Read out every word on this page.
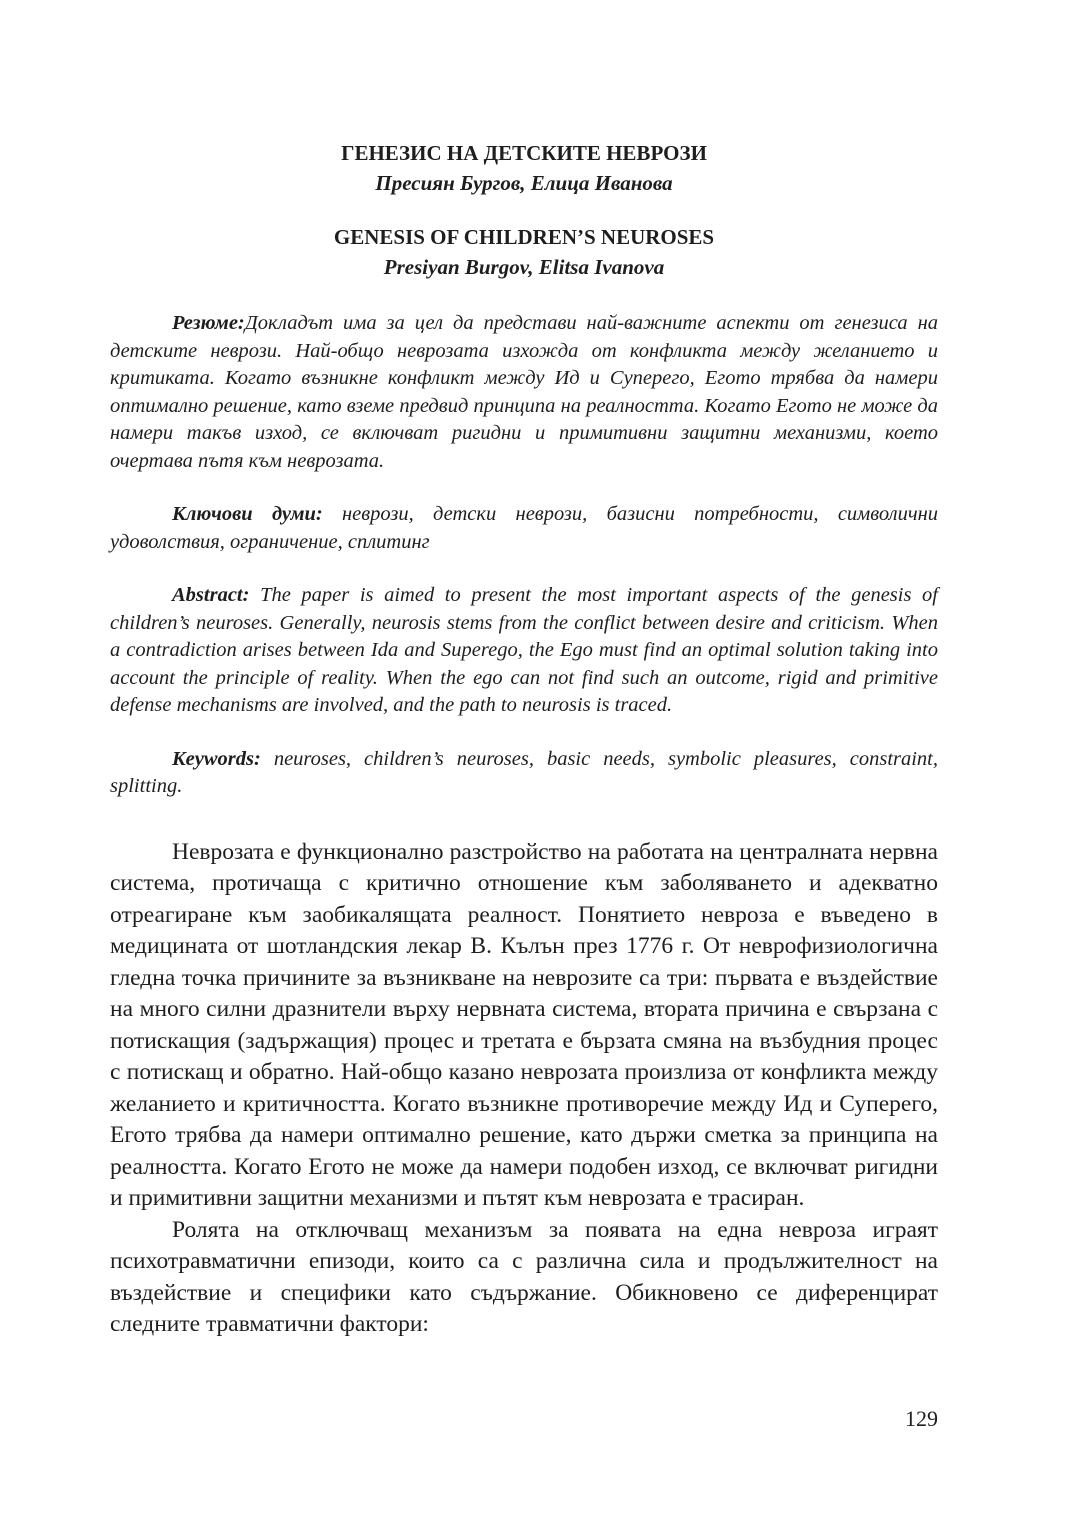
ГЕНЕЗИС НА ДЕТСКИТЕ НЕВРОЗИ

Пресиян Бургов, Елица Иванова

GENESIS OF CHILDREN’S NEUROSES

Presiyan Burgov, Elitsa Ivanova

Резюме:Докладът има за цел да представи най-важните аспекти от генезиса на детските неврози. Най-общо неврозата изхожда от конфликта между желанието и критиката. Когато възникне конфликт между Ид и Суперего, Егото трябва да намери оптимално решение, като вземе предвид принципа на реалността. Когато Егото не може да намери такъв изход, се включват ригидни и примитивни защитни механизми, което очертава пътя към неврозата.

Ключови думи: неврози, детски неврози, базисни потребности, символични удоволствия, ограничение, сплитинг

Abstract: The paper is aimed to present the most important aspects of the genesis of children’s neuroses. Generally, neurosis stems from the conflict between desire and criticism. When a contradiction arises between Ida and Superego, the Ego must find an optimal solution taking into account the principle of reality. When the ego can not find such an outcome, rigid and primitive defense mechanisms are involved, and the path to neurosis is traced.

Keywords: neuroses, children’s neuroses, basic needs, symbolic pleasures, constraint, splitting.

Неврозата е функционално разстройство на работата на централната нервна система, протичаща с критично отношение към заболяването и адекватно отреагиране към заобикалящата реалност. Понятието невроза е въведено в медицината от шотландския лекар В. Кълън през 1776 г. От неврофизиологична гледна точка причините за възникване на неврозите са три: първата е въздействие на много силни дразнители върху нервната система, втората причина е свързана с потискащия (задържащия) процес и третата е бързата смяна на възбудния процес с потискащ и обратно. Най-общо казано неврозата произлиза от конфликта между желанието и критичността. Когато възникне противоречие между Ид и Суперего, Егото трябва да намери оптимално решение, като държи сметка за принципа на реалността. Когато Егото не може да намери подобен изход, се включват ригидни и примитивни защитни механизми и пътят към неврозата е трасиран.

Ролята на отключващ механизъм за появата на една невроза играят психотравматични епизоди, които са с различна сила и продължителност на въздействие и специфики като съдържание. Обикновено се диференцират следните травматични фактори:

129
